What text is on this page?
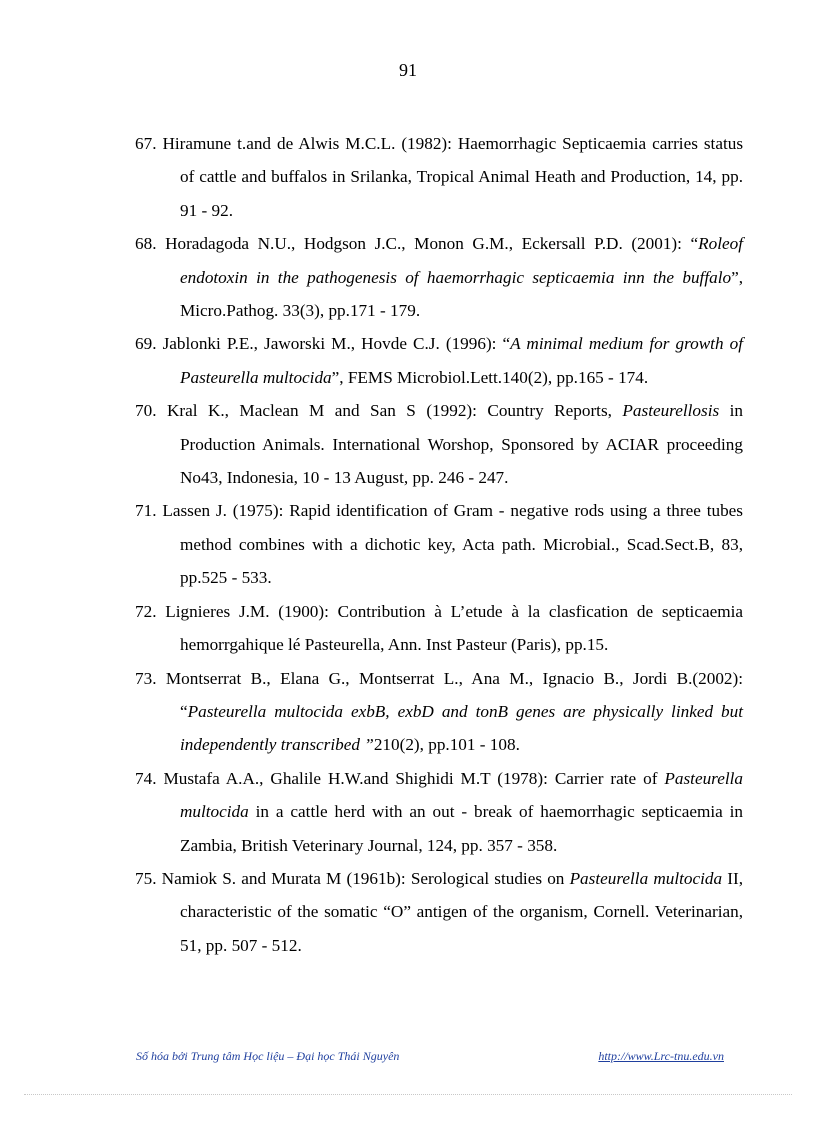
91
67. Hiramune t.and de Alwis M.C.L. (1982): Haemorrhagic Septicaemia carries status of cattle and buffalos in Srilanka, Tropical Animal Heath and Production, 14, pp. 91 - 92.
68. Horadagoda N.U., Hodgson J.C., Monon G.M., Eckersall P.D. (2001): “Roleof endotoxin in the pathogenesis of haemorrhagic septicaemia inn the buffalo”, Micro.Pathog. 33(3), pp.171 - 179.
69. Jablonki P.E., Jaworski M., Hovde C.J. (1996): “A minimal medium for growth of Pasteurella multocida”, FEMS Microbiol.Lett.140(2), pp.165 - 174.
70. Kral K., Maclean M and San S (1992): Country Reports, Pasteurellosis in Production Animals. International Worshop, Sponsored by ACIAR proceeding No43, Indonesia, 10 - 13 August, pp. 246 - 247.
71. Lassen J. (1975): Rapid identification of Gram - negative rods using a three tubes method combines with a dichotic key, Acta path. Microbial., Scad.Sect.B, 83, pp.525 - 533.
72. Lignieres J.M. (1900): Contribution à L’etude à la clasfication de septicaemia hemorrgahique lé Pasteurella, Ann. Inst Pasteur (Paris), pp.15.
73. Montserrat B., Elana G., Montserrat L., Ana M., Ignacio B., Jordi B.(2002): “Pasteurella multocida exbB, exbD and tonB genes are physically linked but independently transcribed ”210(2), pp.101 - 108.
74. Mustafa A.A., Ghalile H.W.and Shighidi M.T (1978): Carrier rate of Pasteurella multocida in a cattle herd with an out - break of haemorrhagic septicaemia in Zambia, British Veterinary Journal, 124, pp. 357 - 358.
75. Namiok S. and Murata M (1961b): Serological studies on Pasteurella multocida II, characteristic of the somatic “O” antigen of the organism, Cornell. Veterinarian, 51, pp. 507 - 512.
Số hóa bởi Trung tâm Học liệu – Đại học Thái Nguyên	http://www.Lrc-tnu.edu.vn
